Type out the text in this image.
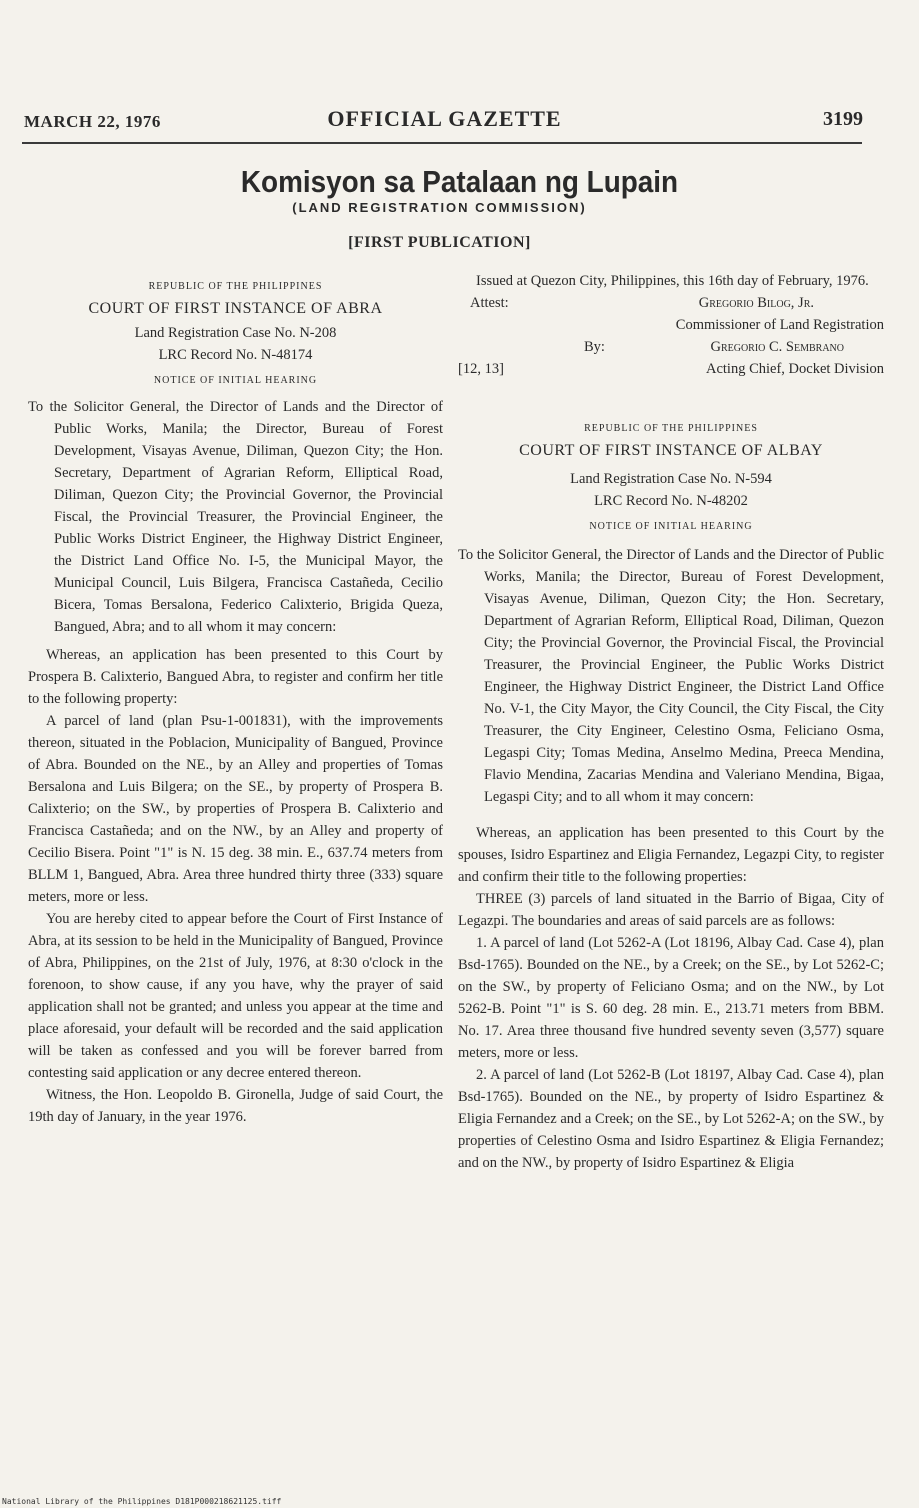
MARCH 22, 1976	OFFICIAL GAZETTE	3199
Komisyon sa Patalaan ng Lupain
(LAND REGISTRATION COMMISSION)
[FIRST PUBLICATION]

REPUBLIC OF THE PHILIPPINES

COURT OF FIRST INSTANCE OF ABRA

Land Registration Case No. N-208

LRC Record No. N-48174

NOTICE OF INITIAL HEARING

To the Solicitor General, the Director of Lands and the Director of Public Works, Manila; the Director, Bureau of Forest Development, Visayas Avenue, Diliman, Quezon City; the Hon. Secretary, Department of Agrarian Reform, Elliptical Road, Diliman, Quezon City; the Provincial Governor, the Provincial Fiscal, the Provincial Treasurer, the Provincial Engineer, the Public Works District Engineer, the Highway District Engineer, the District Land Office No. I-5, the Municipal Mayor, the Municipal Council, Luis Bilgera, Francisca Castañeda, Cecilio Bicera, Tomas Bersalona, Federico Calixterio, Brigida Queza, Bangued, Abra; and to all whom it may concern:

Whereas, an application has been presented to this Court by Prospera B. Calixterio, Bangued Abra, to register and confirm her title to the following property:

A parcel of land (plan Psu-1-001831), with the improvements thereon, situated in the Poblacion, Municipality of Bangued, Province of Abra. Bounded on the NE., by an Alley and properties of Tomas Bersalona and Luis Bilgera; on the SE., by property of Prospera B. Calixterio; on the SW., by properties of Prospera B. Calixterio and Francisca Castañeda; and on the NW., by an Alley and property of Cecilio Bisera. Point "1" is N. 15 deg. 38 min. E., 637.74 meters from BLLM 1, Bangued, Abra. Area three hundred thirty three (333) square meters, more or less.

You are hereby cited to appear before the Court of First Instance of Abra, at its session to be held in the Municipality of Bangued, Province of Abra, Philippines, on the 21st of July, 1976, at 8:30 o'clock in the forenoon, to show cause, if any you have, why the prayer of said application shall not be granted; and unless you appear at the time and place aforesaid, your default will be recorded and the said application will be taken as confessed and you will be forever barred from contesting said application or any decree entered thereon.

Witness, the Hon. Leopoldo B. Gironella, Judge of said Court, the 19th day of January, in the year 1976.

Issued at Quezon City, Philippines, this 16th day of February, 1976.

Attest:	Gregorio Bilog, Jr.

Commissioner of Land Registration

By:	Gregorio C. Sembrano
[12, 13]	Acting Chief, Docket Division

REPUBLIC OF THE PHILIPPINES

COURT OF FIRST INSTANCE OF ALBAY

Land Registration Case No. N-594

LRC Record No. N-48202

NOTICE OF INITIAL HEARING

To the Solicitor General, the Director of Lands and the Director of Public Works, Manila; the Director, Bureau of Forest Development, Visayas Avenue, Diliman, Quezon City; the Hon. Secretary, Department of Agrarian Reform, Elliptical Road, Diliman, Quezon City; the Provincial Governor, the Provincial Fiscal, the Provincial Treasurer, the Provincial Engineer, the Public Works District Engineer, the Highway District Engineer, the District Land Office No. V-1, the City Mayor, the City Council, the City Fiscal, the City Treasurer, the City Engineer, Celestino Osma, Feliciano Osma, Legaspi City; Tomas Medina, Anselmo Medina, Preeca Mendina, Flavio Mendina, Zacarias Mendina and Valeriano Mendina, Bigaa, Legaspi City; and to all whom it may concern:

Whereas, an application has been presented to this Court by the spouses, Isidro Espartinez and Eligia Fernandez, Legazpi City, to register and confirm their title to the following properties:

THREE (3) parcels of land situated in the Barrio of Bigaa, City of Legazpi. The boundaries and areas of said parcels are as follows:

1. A parcel of land (Lot 5262-A (Lot 18196, Albay Cad. Case 4), plan Bsd-1765). Bounded on the NE., by a Creek; on the SE., by Lot 5262-C; on the SW., by property of Feliciano Osma; and on the NW., by Lot 5262-B. Point "1" is S. 60 deg. 28 min. E., 213.71 meters from BBM. No. 17. Area three thousand five hundred seventy seven (3,577) square meters, more or less.

2. A parcel of land (Lot 5262-B (Lot 18197, Albay Cad. Case 4), plan Bsd-1765). Bounded on the NE., by property of Isidro Espartinez & Eligia Fernandez and a Creek; on the SE., by Lot 5262-A; on the SW., by properties of Celestino Osma and Isidro Espartinez & Eligia Fernandez; and on the NW., by property of Isidro Espartinez & Eligia

National Library of the Philippines D181P000218621125.tiff
